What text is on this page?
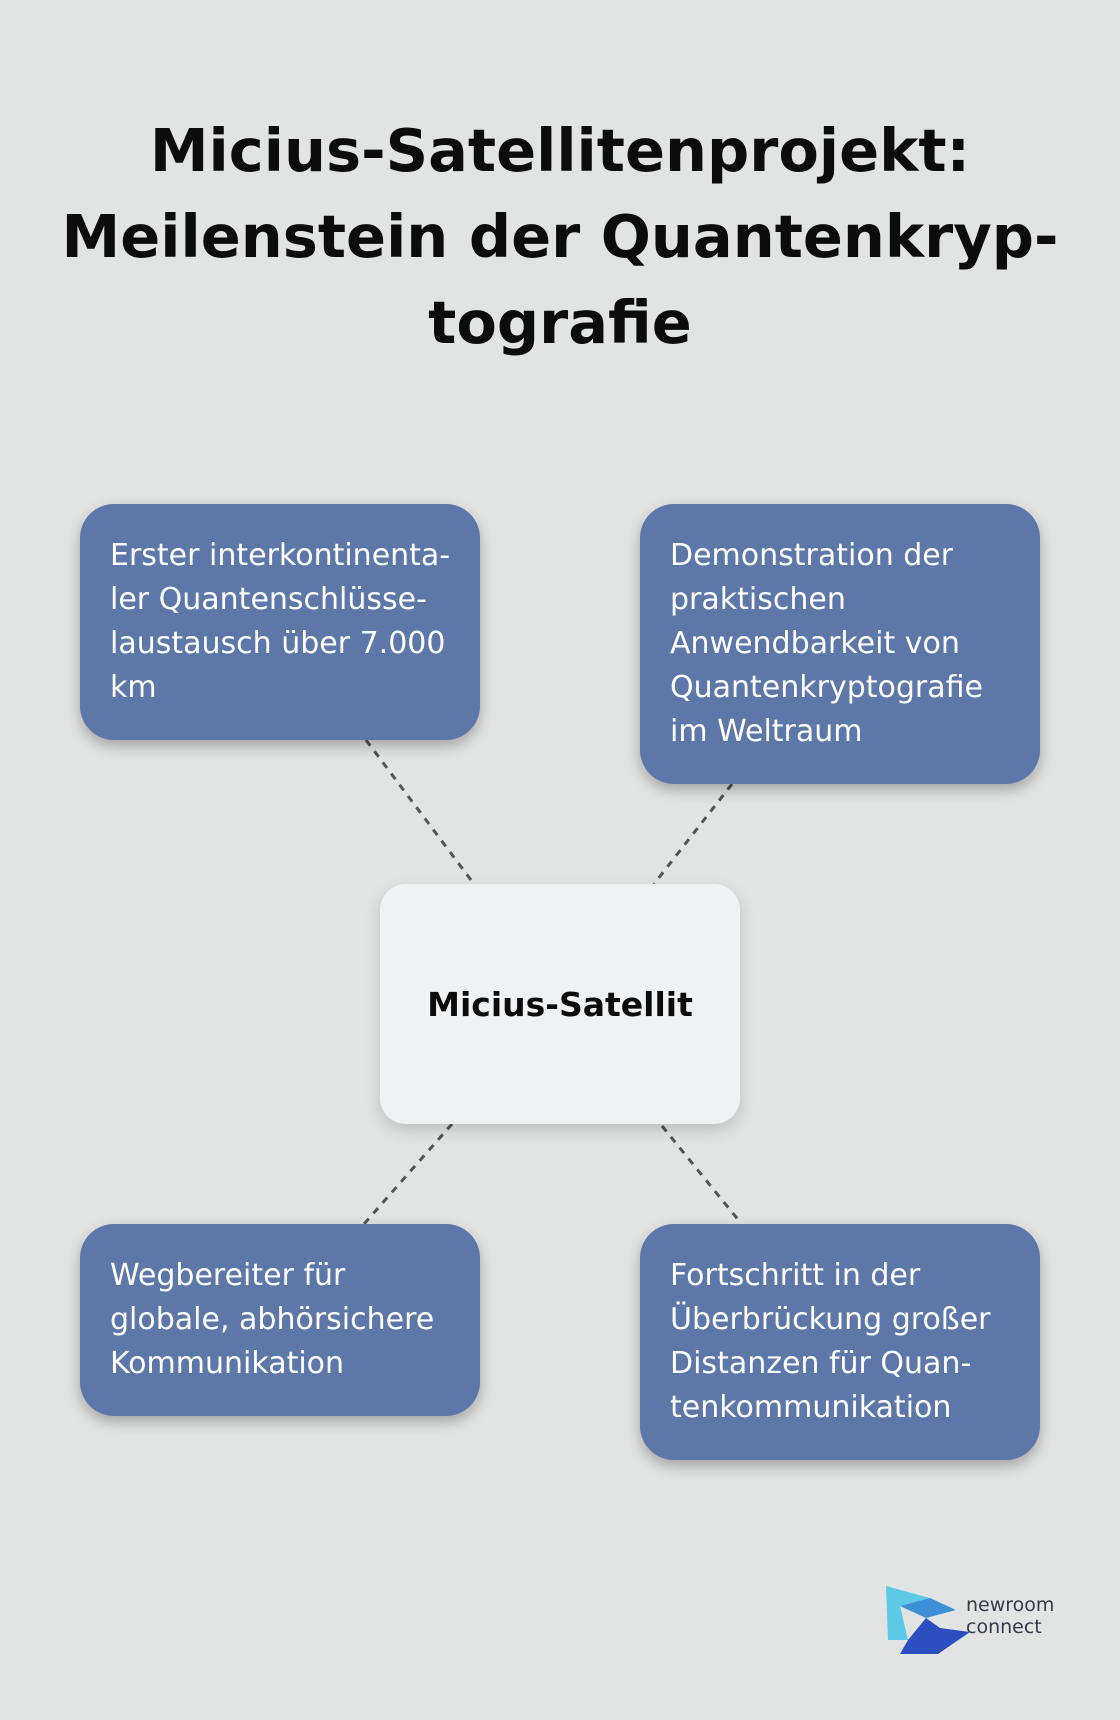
Micius-Satellitenprojekt:
Meilenstein der Quantenkryp-
tografie
Erster interkontinenta-
ler Quantenschlüsse-
laustausch über 7.000
km
Demonstration der
praktischen
Anwendbarkeit von
Quantenkryptografie
im Weltraum
Micius-Satellit
Wegbereiter für
globale, abhörsichere
Kommunikation
Fortschritt in der
Überbrückung großer
Distanzen für Quan-
tenkommunikation
newroom
connect
